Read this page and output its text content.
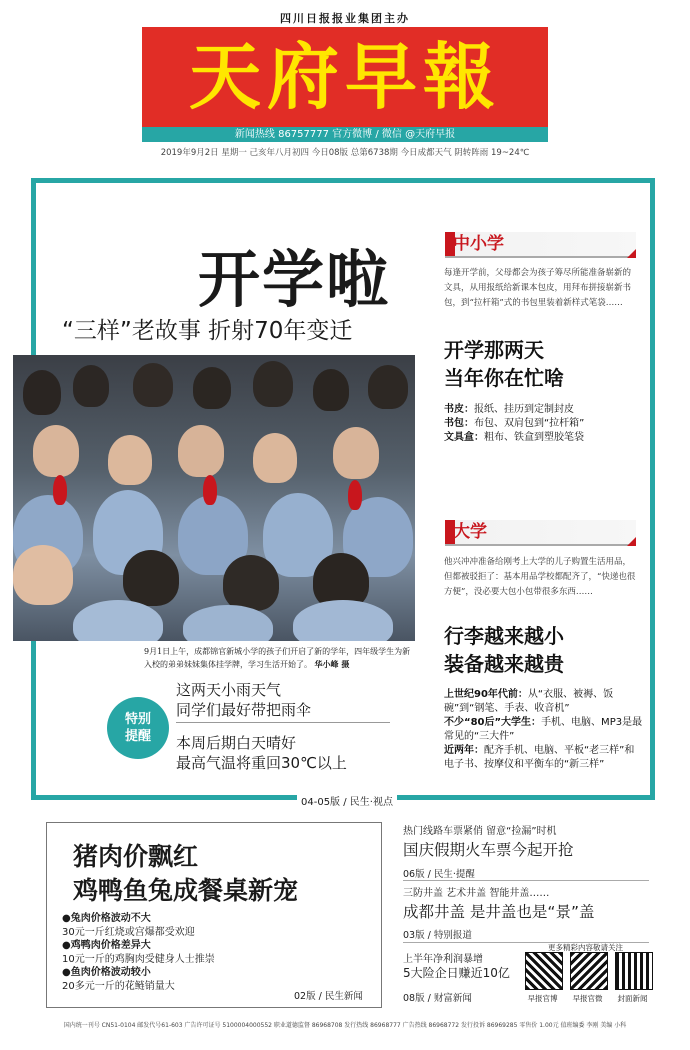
四川日报报业集团主办
天府早報
新闻热线 86757777 官方微博 / 微信 @天府早报
2019年9月2日 星期一 己亥年八月初四 今日08版 总第6738期 今日成都天气 阴转阵雨 19~24℃
开学啦
“三样”老故事 折射70年变迁
9月1日上午，成都锦官新城小学的孩子们开启了新的学年，四年级学生为新入校的弟弟妹妹集体挂学牌，学习生活开始了。 华小峰 摄
特别
提醒
这两天小雨天气
同学们最好带把雨伞
本周后期白天晴好
最高气温将重回30℃以上
中小学
每逢开学前，父母都会为孩子筹尽所能准备崭新的文具，从用报纸给新课本包皮，用拜布拼接崭新书包，到“拉杆箱”式的书包里装着新样式笔袋……
开学那两天
当年你在忙啥
书皮：报纸、挂历到定制封皮
书包：布包、双肩包到“拉杆箱”
文具盒：粗布、铁盒到塑胶笔袋
大学
他兴冲冲准备给刚考上大学的儿子购置生活用品，但都被驳拒了：基本用品学校都配齐了，“快递也很方便”，没必要大包小包带很多东西……
行李越来越小
装备越来越贵
上世纪90年代前：从“衣服、被褥、饭碗”到“钢笔、手表、收音机”
不少“80后”大学生：手机、电脑、MP3是最常见的“三大件”
近两年：配齐手机、电脑、平板“老三样”和电子书、按摩仪和平衡车的“新三样”
04-05版 / 民生·视点
猪肉价飘红
鸡鸭鱼兔成餐桌新宠
●兔肉价格波动不大
30元一斤红烧或宫爆都受欢迎
●鸡鸭肉价格差异大
10元一斤的鸡胸肉受健身人士推崇
●鱼肉价格波动较小
20多元一斤的花鲢销量大
02版 / 民生新闻
热门线路车票紧俏 留意“捡漏”时机
国庆假期火车票今起开抢
06版 / 民生·提醒
三防井盖 艺术井盖 智能井盖……
成都井盖 是井盖也是“景”盖
03版 / 特别报道
上半年净利润暴增
5大险企日赚近10亿
08版 / 财富新闻
更多精彩内容敬请关注
早报官博	早报官微	封面新闻
国内统一刊号 CN51-0104 邮发代号61-603 广告许可证号 5100004000552 职业道德监督 86968708 发行热线 86968777 广告热线 86968772 发行投诉 86969285 零售价 1.00元 值班编委 李刚 美编 小科
